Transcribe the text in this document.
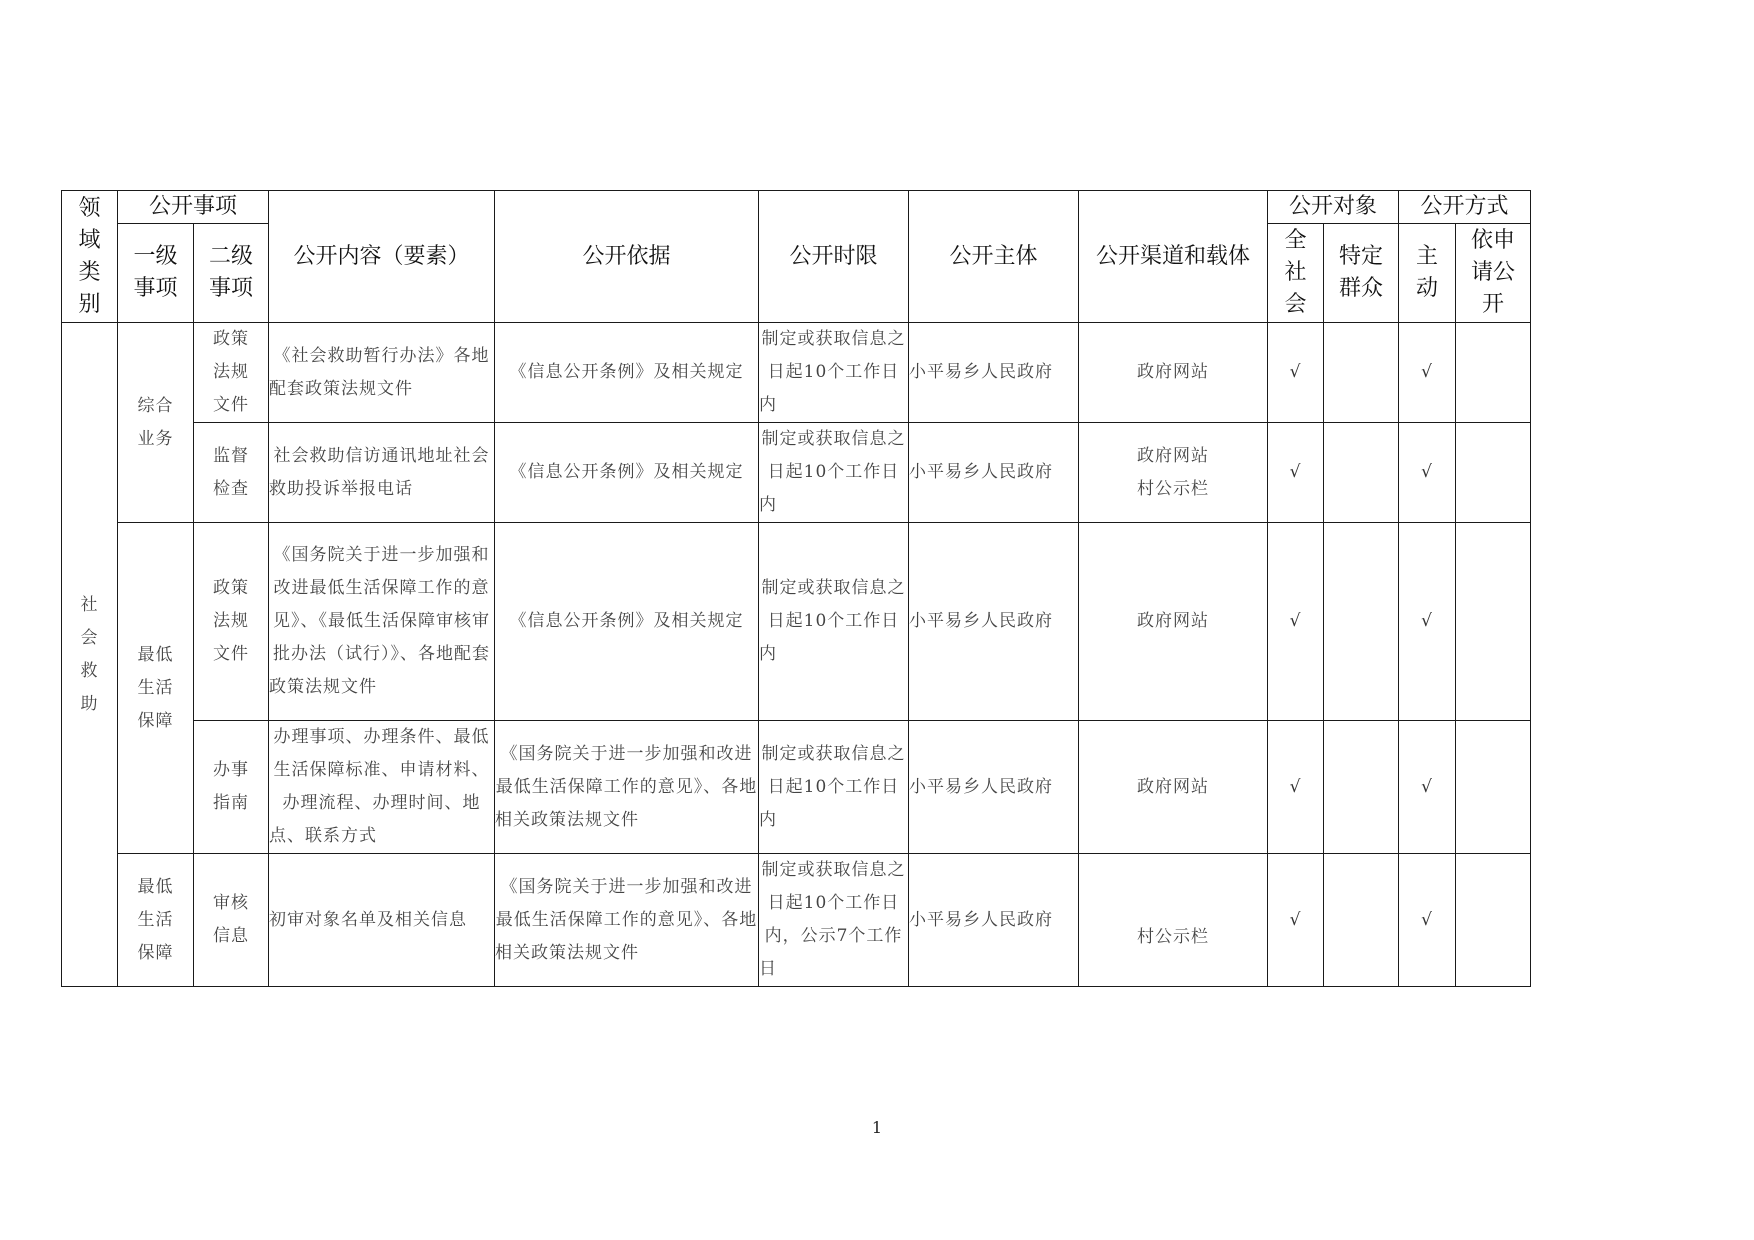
领域类别	公开事项		公开内容（要素）	公开依据	公开时限	公开主体	公开渠道和载体	公开对象		公开方式	
	一级事项	二级事项						全社会	特定群众	主动	依申请公开
社会救助	综合业务	政策法规文件	《社会救助暂行办法》各地配套政策法规文件	《信息公开条例》及相关规定	制定或获取信息之日起10个工作日内	小平易乡人民政府	政府网站	√		√	
		监督检查	社会救助信访通讯地址社会救助投诉举报电话	《信息公开条例》及相关规定	制定或获取信息之日起10个工作日内	小平易乡人民政府	政府网站村公示栏	√		√	
	最低生活保障	政策法规文件	《国务院关于进一步加强和改进最低生活保障工作的意见》、《最低生活保障审核审批办法（试行）》、各地配套政策法规文件	《信息公开条例》及相关规定	制定或获取信息之日起10个工作日内	小平易乡人民政府	政府网站	√		√	
		办事指南	办理事项、办理条件、最低生活保障标准、申请材料、办理流程、办理时间、地点、联系方式	《国务院关于进一步加强和改进最低生活保障工作的意见》、各地相关政策法规文件	制定或获取信息之日起10个工作日内	小平易乡人民政府	政府网站	√		√	
	最低生活保障	审核信息	初审对象名单及相关信息	《国务院关于进一步加强和改进最低生活保障工作的意见》、各地相关政策法规文件	制定或获取信息之日起10个工作日内，公示7个工作日	小平易乡人民政府	村公示栏	√		√	
1
